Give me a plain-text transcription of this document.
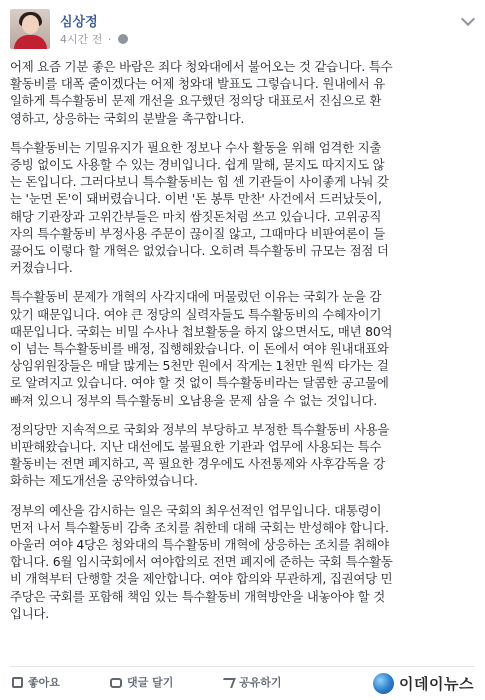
심상정
4시간 전 ·

어제 요즘 기분 좋은 바람은 죄다 청와대에서 불어오는 것 같습니다. 특수
활동비를 대폭 줄이겠다는 어제 청와대 발표도 그렇습니다. 원내에서 유
일하게 특수활동비 문제 개선을 요구했던 정의당 대표로서 진심으로 환
영하고, 상응하는 국회의 분발을 촉구합니다.

특수활동비는 기밀유지가 필요한 정보나 수사 활동을 위해 엄격한 지출
증빙 없이도 사용할 수 있는 경비입니다. 쉽게 말해, 묻지도 따지지도 않
는 돈입니다. 그러다보니 특수활동비는 힘 센 기관들이 사이좋게 나눠 갖
는 '눈먼 돈'이 돼버렸습니다. 이번 '돈 봉투 만찬' 사건에서 드러났듯이,
해당 기관장과 고위간부들은 마치 쌈짓돈처럼 쓰고 있습니다. 고위공직
자의 특수활동비 부정사용 주문이 끊이질 않고, 그때마다 비판여론이 들
끓어도 이렇다 할 개혁은 없었습니다. 오히려 특수활동비 규모는 점점 더
커졌습니다.

특수활동비 문제가 개혁의 사각지대에 머물렀던 이유는 국회가 눈을 감
았기 때문입니다. 여야 큰 정당의 실력자들도 특수활동비의 수혜자이기
때문입니다. 국회는 비밀 수사나 첩보활동을 하지 않으면서도, 매년 80억
이 넘는 특수활동비를 배정, 집행해왔습니다. 이 돈에서 여야 원내대표와
상임위원장들은 매달 많게는 5천만 원에서 작게는 1천만 원씩 타가는 걸
로 알려지고 있습니다. 여야 할 것 없이 특수활동비라는 달콤한 공고물에
빠져 있으니 정부의 특수활동비 오남용을 문제 삼을 수 없는 것입니다.

정의당만 지속적으로 국회와 정부의 부당하고 부정한 특수활동비 사용을
비판해왔습니다. 지난 대선에도 불필요한 기관과 업무에 사용되는 특수
활동비는 전면 폐지하고, 꼭 필요한 경우에도 사전통제와 사후감독을 강
화하는 제도개선을 공약하였습니다.

정부의 예산을 감시하는 일은 국회의 최우선적인 업무입니다. 대통령이
먼저 나서 특수활동비 감축 조치를 취한데 대해 국회는 반성해야 합니다.
아울러 여야 4당은 청와대의 특수활동비 개혁에 상응하는 조치를 취해야
합니다. 6월 임시국회에서 여야합의로 전면 폐지에 준하는 국회 특수활동
비 개혁부터 단행할 것을 제안합니다. 여야 합의와 무관하게, 집권여당 민
주당은 국회를 포함해 책임 있는 특수활동비 개혁방안을 내놓아야 할 것
입니다.

좋아요	댓글 달기	공유하기	이데이뉴스
